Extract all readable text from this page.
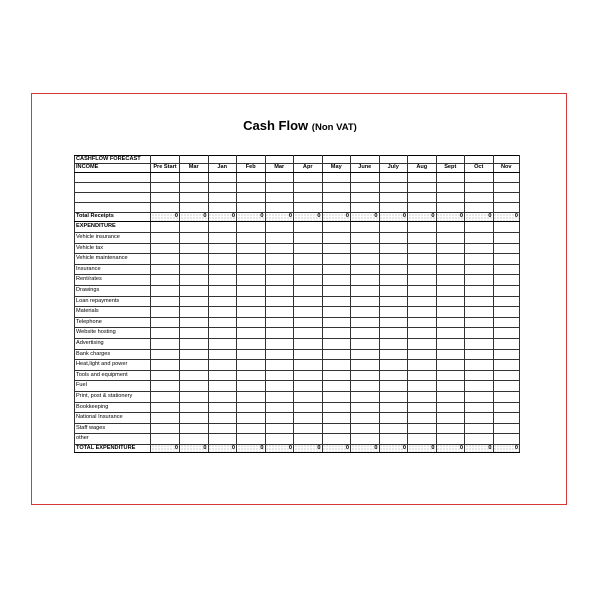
Cash Flow (Non VAT)
CASHFLOW FORECAST													
INCOME	Pre Start	Mar	Jan	Feb	Mar	Apr	May	June	July	Aug	Sept	Oct	Nov

Total Receipts	0	0	0	0	0	0	0	0	0	0	0	0	0
EXPENDITURE													
Vehicle insurance													
Vehicle tax													
Vehicle maintenance													
Insurance													
Rent/rates													
Drawings													
Loan repayments													
Materials													
Telephone													
Website hosting													
Advertising													
Bank charges													
Heat,light and power													
Tools and equipment													
Fuel													
Print, post & stationery													
Bookkeeping													
National Insurance													
Staff wages													
other													
TOTAL EXPENDITURE	0	0	0	0	0	0	0	0	0	0	0	0	0
